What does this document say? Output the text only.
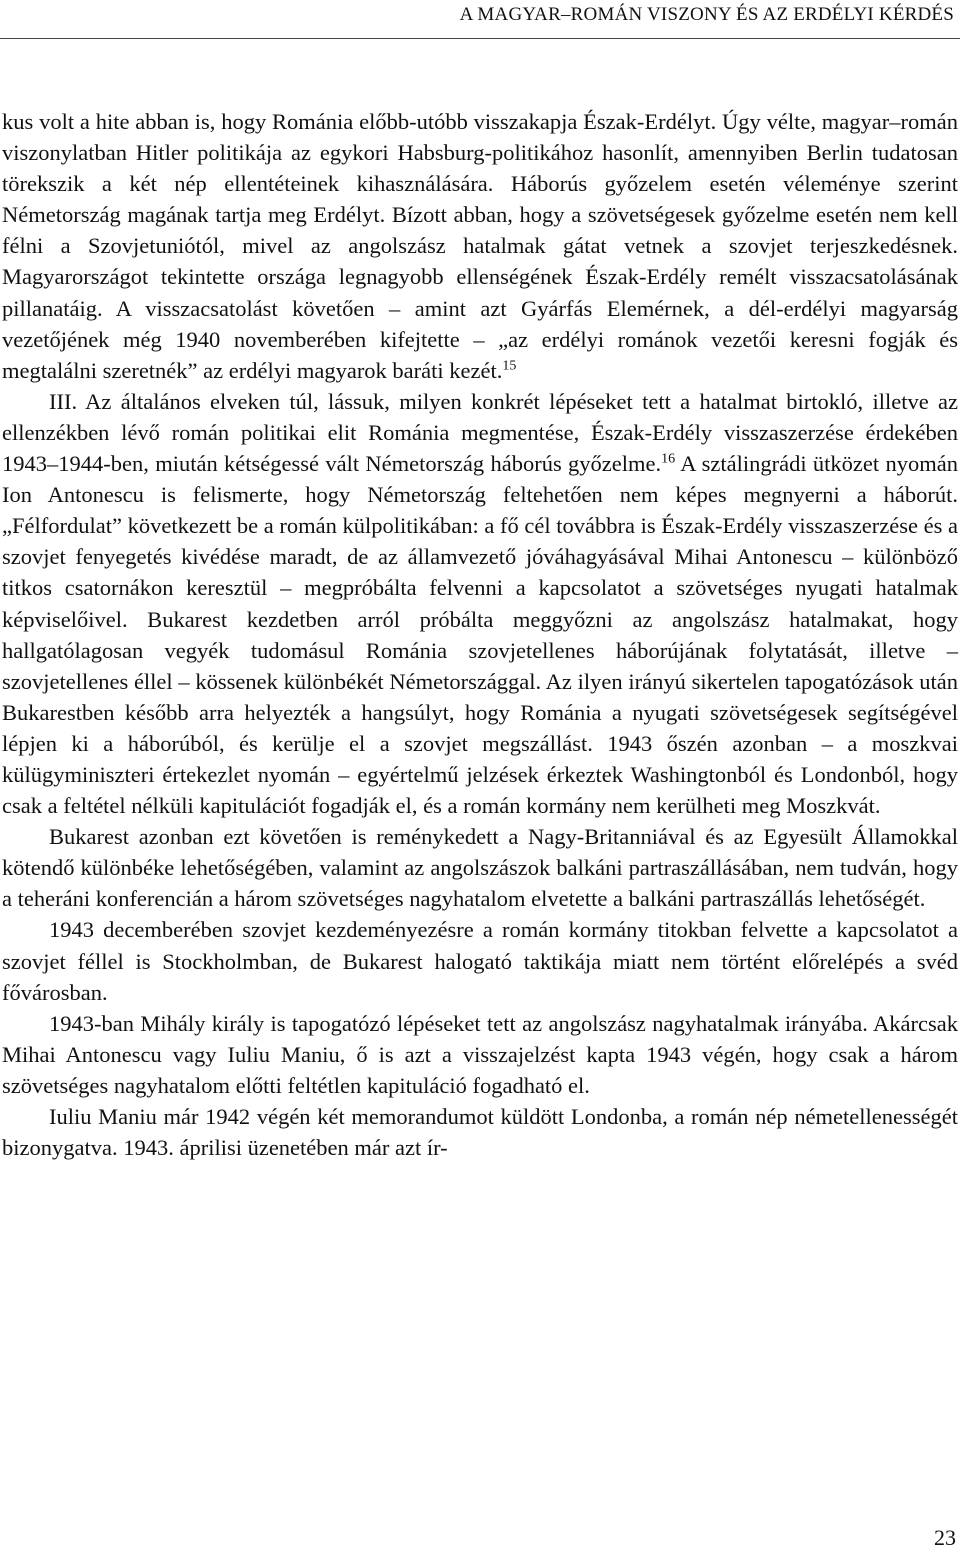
A MAGYAR–ROMÁN VISZONY ÉS AZ ERDÉLYI KÉRDÉS

kus volt a hite abban is, hogy Románia előbb-utóbb visszakapja Észak-Erdélyt. Úgy vélte, magyar–román viszonylatban Hitler politikája az egykori Habsburg-politikához hasonlít, amennyiben Berlin tudatosan törekszik a két nép ellentéteinek kihasználására. Háborús győzelem esetén véleménye szerint Németország magának tartja meg Erdélyt. Bízott abban, hogy a szövetségesek győzelme esetén nem kell félni a Szovjetuniótól, mivel az angolszász hatalmak gátat vetnek a szovjet terjeszkedésnek. Magyarországot tekintette országa legnagyobb ellenségének Észak-Erdély remélt visszacsatolásának pillanatáig. A visszacsatolást követően – amint azt Gyárfás Elemérnek, a dél-erdélyi magyarság vezetőjének még 1940 novemberében kifejtette – „az erdélyi románok vezetői keresni fogják és megtalálni szeretnék” az erdélyi magyarok baráti kezét.$^{15}$

III. Az általános elveken túl, lássuk, milyen konkrét lépéseket tett a hatalmat birtokló, illetve az ellenzékben lévő román politikai elit Románia megmentése, Észak-Erdély visszaszerzése érdekében 1943–1944-ben, miután kétségessé vált Németország háborús győzelme.$^{16}$ A sztálingrádi ütközet nyomán Ion Antonescu is felismerte, hogy Németország feltehetően nem képes megnyerni a háborút. „Félfordulat” következett be a román külpolitikában: a fő cél továbbra is Észak-Erdély visszaszerzése és a szovjet fenyegetés kivédése maradt, de az államvezető jóváhagyásával Mihai Antonescu – különböző titkos csatornákon keresztül – megpróbálta felvenni a kapcsolatot a szövetséges nyugati hatalmak képviselőivel. Bukarest kezdetben arról próbálta meggyőzni az angolszász hatalmakat, hogy hallgatólagosan vegyék tudomásul Románia szovjetellenes háborújának folytatását, illetve – szovjetellenes éllel – kössenek különbékét Németországgal. Az ilyen irányú sikertelen tapogatózások után Bukarestben később arra helyezték a hangsúlyt, hogy Románia a nyugati szövetségesek segítségével lépjen ki a háborúból, és kerülje el a szovjet megszállást. 1943 őszén azonban – a moszkvai külügyminiszteri értekezlet nyomán – egyértelmű jelzések érkeztek Washingtonból és Londonból, hogy csak a feltétel nélküli kapitulációt fogadják el, és a román kormány nem kerülheti meg Moszkvát.

Bukarest azonban ezt követően is reménykedett a Nagy-Britanniával és az Egyesült Államokkal kötendő különbéke lehetőségében, valamint az angolszászok balkáni partraszállásában, nem tudván, hogy a teheráni konferencián a három szövetséges nagyhatalom elvetette a balkáni partraszállás lehetőségét.

1943 decemberében szovjet kezdeményezésre a román kormány titokban felvette a kapcsolatot a szovjet féllel is Stockholmban, de Bukarest halogató taktikája miatt nem történt előrelépés a svéd fővárosban.

1943-ban Mihály király is tapogatózó lépéseket tett az angolszász nagyhatalmak irányába. Akárcsak Mihai Antonescu vagy Iuliu Maniu, ő is azt a visszajelzést kapta 1943 végén, hogy csak a három szövetséges nagyhatalom előtti feltétlen kapituláció fogadható el.

Iuliu Maniu már 1942 végén két memorandumot küldött Londonba, a román nép németellenességét bizonygatva. 1943. áprilisi üzenetében már azt ír-

23
